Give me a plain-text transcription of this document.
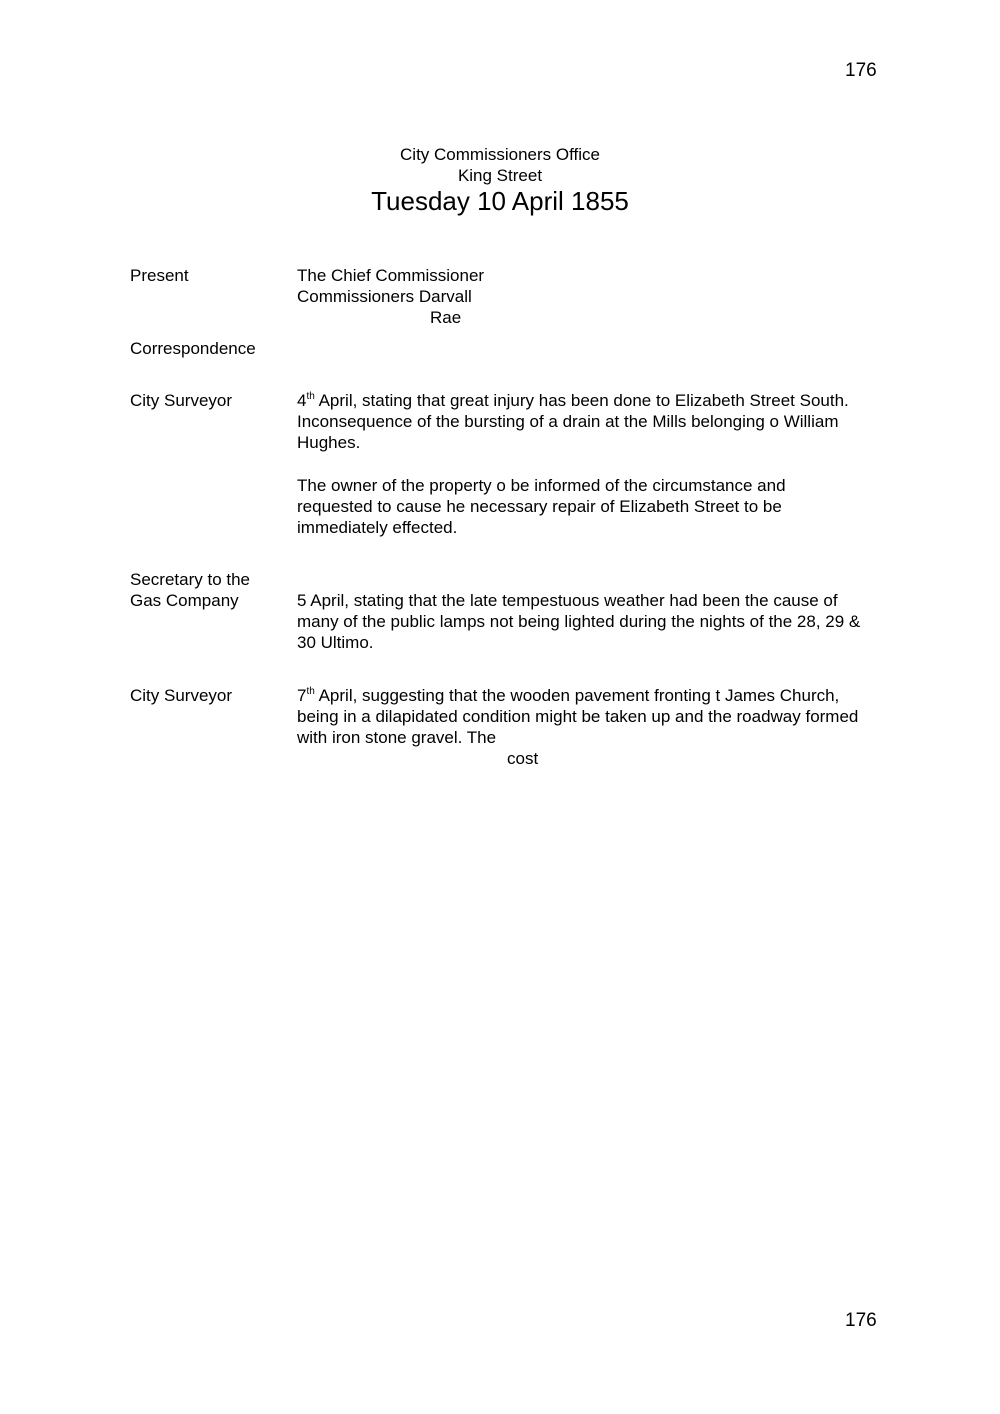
176
City Commissioners Office
King Street
Tuesday 10 April 1855
Present	The Chief Commissioner
Commissioners Darvall
Rae
Correspondence
City Surveyor	4th April, stating that great injury has been done to Elizabeth Street South.
Inconsequence of the bursting of a drain at the Mills belonging o William
Hughes.
The owner of the property o be informed of the circumstance and
requested to cause he necessary repair of Elizabeth Street to be
immediately effected.
Secretary to the
Gas Company	5 April, stating that the late tempestuous weather had been the cause of
many of the public lamps not being lighted during the nights of the 28, 29 &
30 Ultimo.
City Surveyor	7th April, suggesting that the wooden pavement fronting t James Church,
being in a dilapidated condition might be taken up and the roadway formed
with iron stone gravel. The
cost
176
